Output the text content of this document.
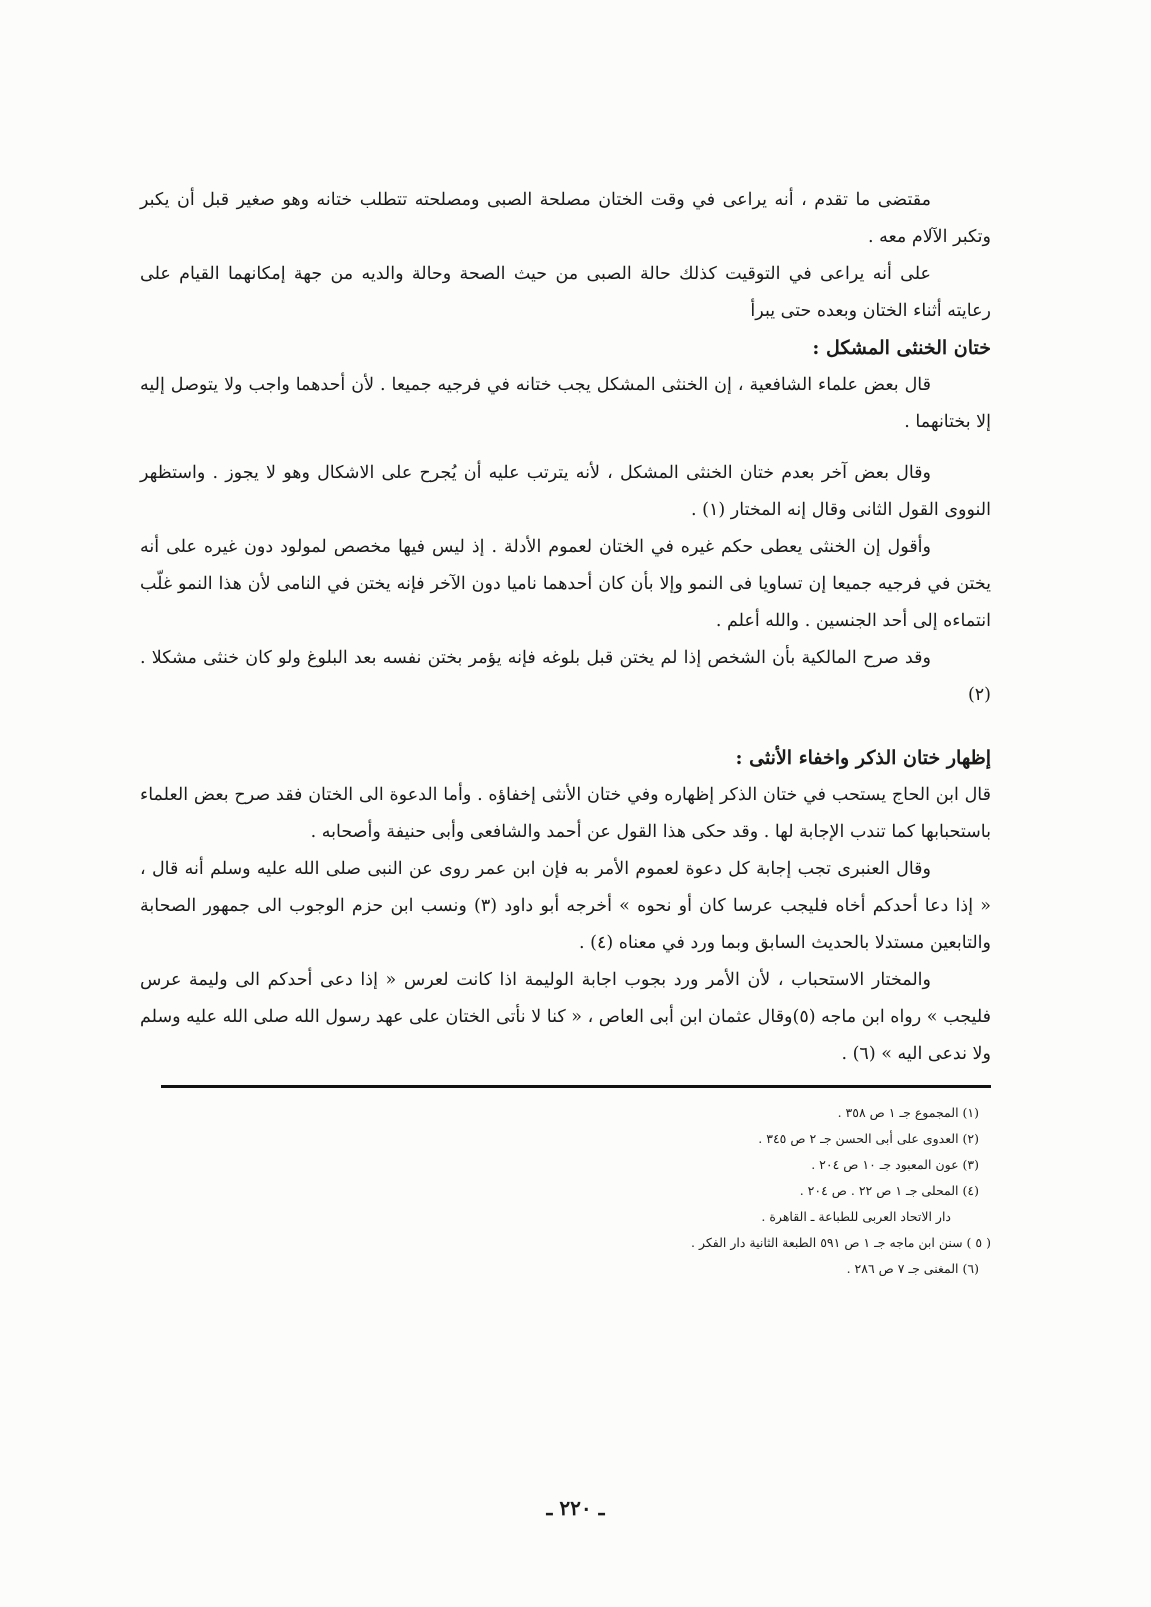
مقتضى ما تقدم ، أنه يراعى في وقت الختان مصلحة الصبى ومصلحته تتطلب ختانه وهو صغير قبل أن يكبر وتكبر الآلام معه .

على أنه يراعى في التوقيت كذلك حالة الصبى من حيث الصحة وحالة والديه من جهة إمكانهما القيام على رعايته أثناء الختان وبعده حتى يبرأ

ختان الخنثى المشكل :

قال بعض علماء الشافعية ، إن الخنثى المشكل يجب ختانه في فرجيه جميعا . لأن أحدهما واجب ولا يتوصل إليه إلا بختانهما .

وقال بعض آخر بعدم ختان الخنثى المشكل ، لأنه يترتب عليه أن يُجرح على الاشكال وهو لا يجوز . واستظهر النووى القول الثانى وقال إنه المختار (١) .

وأقول إن الخنثى يعطى حكم غيره في الختان لعموم الأدلة . إذ ليس فيها مخصص لمولود دون غيره على أنه يختن في فرجيه جميعا إن تساويا فى النمو وإلا بأن كان أحدهما ناميا دون الآخر فإنه يختن في النامى لأن هذا النمو غلّب انتماءه إلى أحد الجنسين . والله أعلم .

وقد صرح المالكية بأن الشخص إذا لم يختن قبل بلوغه فإنه يؤمر بختن نفسه بعد البلوغ ولو كان خنثى مشكلا . (٢)

إظهار ختان الذكر واخفاء الأنثى :

قال ابن الحاج يستحب في ختان الذكر إظهاره وفي ختان الأنثى إخفاؤه . وأما الدعوة الى الختان فقد صرح بعض العلماء باستحبابها كما تندب الإجابة لها . وقد حكى هذا القول عن أحمد والشافعى وأبى حنيفة وأصحابه .

وقال العنبرى تجب إجابة كل دعوة لعموم الأمر به فإن ابن عمر روى عن النبى صلى الله عليه وسلم أنه قال ، « إذا دعا أحدكم أخاه فليجب عرسا كان أو نحوه » أخرجه أبو داود (٣) ونسب ابن حزم الوجوب الى جمهور الصحابة والتابعين مستدلا بالحديث السابق وبما ورد في معناه (٤) .

والمختار الاستحباب ، لأن الأمر ورد بجوب اجابة الوليمة اذا كانت لعرس « إذا دعى أحدكم الى وليمة عرس فليجب » رواه ابن ماجه (٥)وقال عثمان ابن أبى العاص ، « كنا لا نأتى الختان على عهد رسول الله صلى الله عليه وسلم ولا ندعى اليه » (٦) .

(١) المجموع جـ ١ ص ٣٥٨ .

(٢) العدوى على أبى الحسن جـ ٢ ص ٣٤٥ .

(٣) عون المعبود جـ ١٠ ص ٢٠٤ .

(٤) المحلى جـ ١ ص ٢٢ . ص ٢٠٤ .

دار الاتحاد العربى للطباعة ـ القاهرة .

( ٥ ) سنن ابن ماجه جـ ١ ص ٥٩١ الطبعة الثانية دار الفكر .

(٦) المغنى جـ ٧ ص ٢٨٦ .

ـ ٢٢٠ ـ
